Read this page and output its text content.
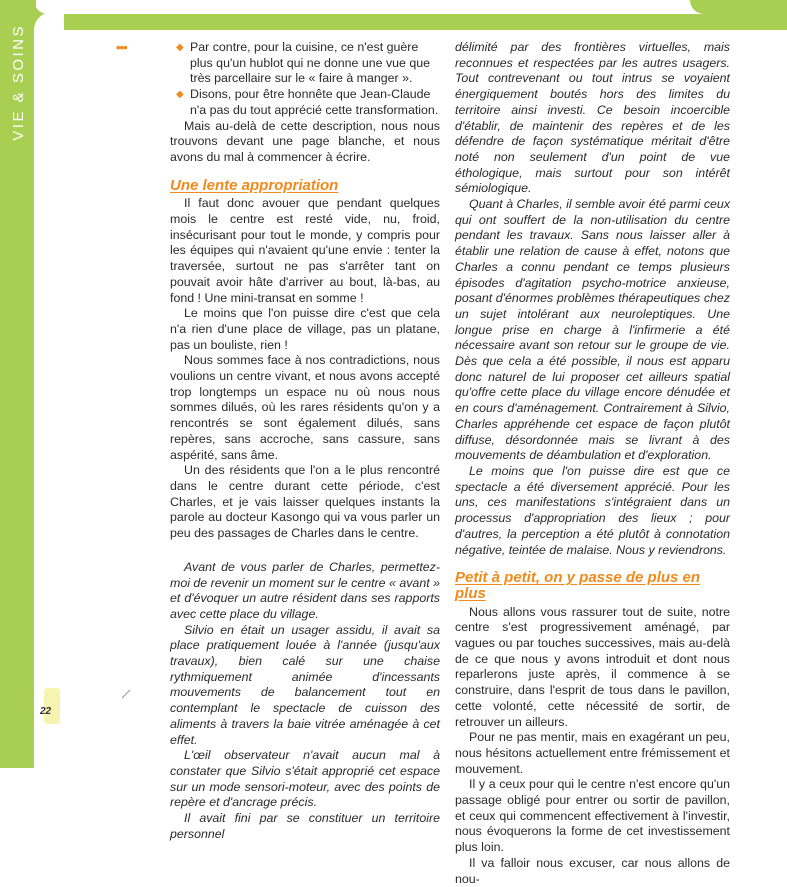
VIE & SOINS
22
•••	◆ Par contre, pour la cuisine, ce n'est guère plus qu'un hublot qui ne donne une vue que très parcellaire sur le « faire à manger ».

◆ Disons, pour être honnête que Jean-Claude n'a pas du tout apprécié cette transformation.

Mais au-delà de cette description, nous nous trouvons devant une page blanche, et nous avons du mal à commencer à écrire.

Une lente appropriation

Il faut donc avouer que pendant quelques mois le centre est resté vide, nu, froid, insécurisant pour tout le monde, y compris pour les équipes qui n'avaient qu'une envie : tenter la traversée, surtout ne pas s'arrêter tant on pouvait avoir hâte d'arriver au bout, là-bas, au fond ! Une mini-transat en somme !

Le moins que l'on puisse dire c'est que cela n'a rien d'une place de village, pas un platane, pas un bouliste, rien !

Nous sommes face à nos contradictions, nous voulions un centre vivant, et nous avons accepté trop longtemps un espace nu où nous nous sommes dilués, où les rares résidents qu'on y a rencontrés se sont également dilués, sans repères, sans accroche, sans cassure, sans aspérité, sans âme.

Un des résidents que l'on a le plus rencontré dans le centre durant cette période, c'est Charles, et je vais laisser quelques instants la parole au docteur Kasongo qui va vous parler un peu des passages de Charles dans le centre.

Avant de vous parler de Charles, permettez-moi de revenir un moment sur le centre « avant » et d'évoquer un autre résident dans ses rapports avec cette place du village.

Silvio en était un usager assidu, il avait sa place pratiquement louée à l'année (jusqu'aux travaux), bien calé sur une chaise rythmiquement animée d'incessants mouvements de balancement tout en contemplant le spectacle de cuisson des aliments à travers la baie vitrée aménagée à cet effet.

L'œil observateur n'avait aucun mal à constater que Silvio s'était approprié cet espace sur un mode sensori-moteur, avec des points de repère et d'ancrage précis.

Il avait fini par se constituer un territoire personnel

délimité par des frontières virtuelles, mais reconnues et respectées par les autres usagers. Tout contrevenant ou tout intrus se voyaient énergiquement boutés hors des limites du territoire ainsi investi. Ce besoin incoercible d'établir, de maintenir des repères et de les défendre de façon systématique méritait d'être noté non seulement d'un point de vue éthologique, mais surtout pour son intérêt sémiologique.

Quant à Charles, il semble avoir été parmi ceux qui ont souffert de la non-utilisation du centre pendant les travaux. Sans nous laisser aller à établir une relation de cause à effet, notons que Charles a connu pendant ce temps plusieurs épisodes d'agitation psycho-motrice anxieuse, posant d'énormes problèmes thérapeutiques chez un sujet intolérant aux neuroleptiques. Une longue prise en charge à l'infirmerie a été nécessaire avant son retour sur le groupe de vie. Dès que cela a été possible, il nous est apparu donc naturel de lui proposer cet ailleurs spatial qu'offre cette place du village encore dénudée et en cours d'aménagement. Contrairement à Silvio, Charles appréhende cet espace de façon plutôt diffuse, désordonnée mais se livrant à des mouvements de déambulation et d'exploration.

Le moins que l'on puisse dire est que ce spectacle a été diversement apprécié. Pour les uns, ces manifestations s'intégraient dans un processus d'appropriation des lieux ; pour d'autres, la perception a été plutôt à connotation négative, teintée de malaise. Nous y reviendrons.

Petit à petit, on y passe de plus en plus

Nous allons vous rassurer tout de suite, notre centre s'est progressivement aménagé, par vagues ou par touches successives, mais au-delà de ce que nous y avons introduit et dont nous reparlerons juste après, il commence à se construire, dans l'esprit de tous dans le pavillon, cette volonté, cette nécessité de sortir, de retrouver un ailleurs.

Pour ne pas mentir, mais en exagérant un peu, nous hésitons actuellement entre frémissement et mouvement.

Il y a ceux pour qui le centre n'est encore qu'un passage obligé pour entrer ou sortir de pavillon, et ceux qui commencent effectivement à l'investir, nous évoquerons la forme de cet investissement plus loin.

Il va falloir nous excuser, car nous allons de nou-
